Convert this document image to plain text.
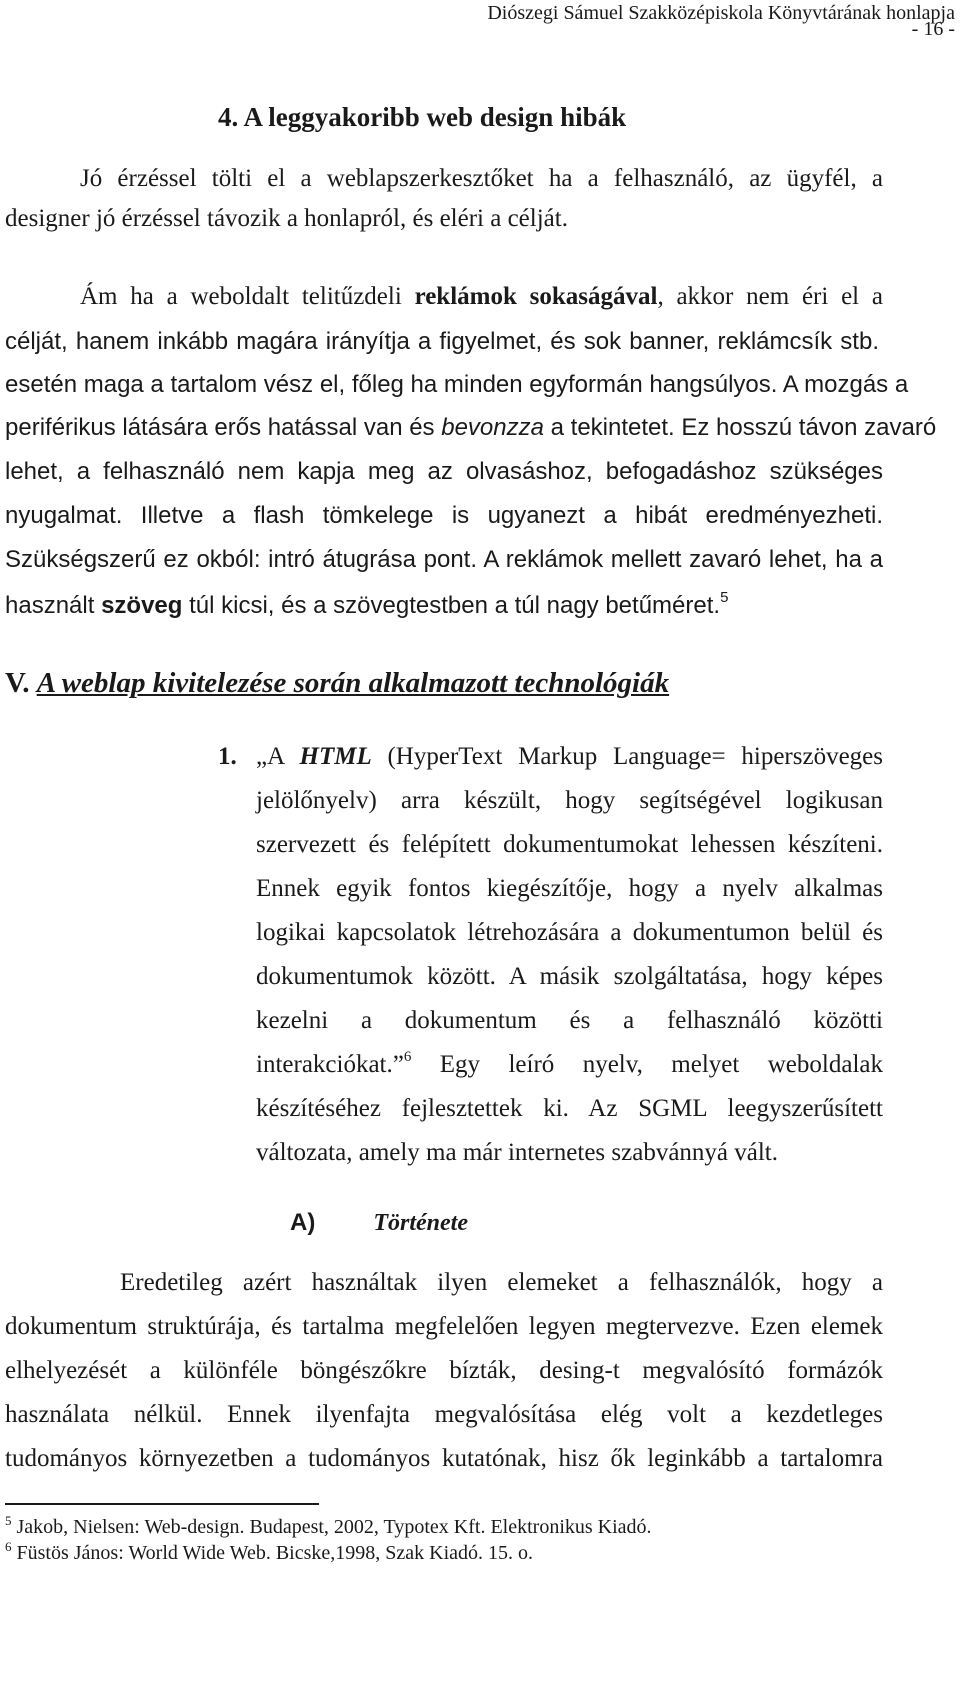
Diószegi Sámuel Szakközépiskola Könyvtárának honlapja
- 16 -
4. A leggyakoribb web design hibák
Jó érzéssel tölti el a weblapszerkesztőket ha a felhasználó, az ügyfél, a
designer jó érzéssel távozik a honlapról, és eléri a célját.
Ám ha a weboldalt telitűzdeli reklámok sokaságával, akkor nem éri el a
célját, hanem inkább magára irányítja a figyelmet, és sok banner, reklámcsík stb.
esetén maga a tartalom vész el, főleg ha minden egyformán hangsúlyos. A mozgás a
periférikus látására erős hatással van és bevonzza a tekintetet. Ez hosszú távon zavaró
lehet, a felhasználó nem kapja meg az olvasáshoz, befogadáshoz szükséges
nyugalmat. Illetve a flash tömkelege is ugyanezt a hibát eredményezheti.
Szükségszerű ez okból: intró átugrása pont. A reklámok mellett zavaró lehet, ha a
használt szöveg túl kicsi, és a szövegtestben a túl nagy betűméret.$^5$
V. A weblap kivitelezése során alkalmazott technológiák
1. „A HTML (HyperText Markup Language= hiperszöveges
jelölőnyelv) arra készült, hogy segítségével logikusan
szervezett és felépített dokumentumokat lehessen készíteni.
Ennek egyik fontos kiegészítője, hogy a nyelv alkalmas
logikai kapcsolatok létrehozására a dokumentumon belül és
dokumentumok között. A másik szolgáltatása, hogy képes
kezelni a dokumentum és a felhasználó közötti
interakciókat.”$^6$ Egy leíró nyelv, melyet weboldalak
készítéséhez fejlesztettek ki. Az SGML leegyszerűsített
változata, amely ma már internetes szabvánnyá vált.
A) Története
Eredetileg azért használtak ilyen elemeket a felhasználók, hogy a
dokumentum struktúrája, és tartalma megfelelően legyen megtervezve. Ezen elemek
elhelyezését a különféle böngészőkre bízták, desing-t megvalósító formázók
használata nélkül. Ennek ilyenfajta megvalósítása elég volt a kezdetleges
tudományos környezetben a tudományos kutatónak, hisz ők leginkább a tartalomra
$^5$ Jakob, Nielsen: Web-design. Budapest, 2002, Typotex Kft. Elektronikus Kiadó.
$^6$ Füstös János: World Wide Web. Bicske,1998, Szak Kiadó. 15. o.
